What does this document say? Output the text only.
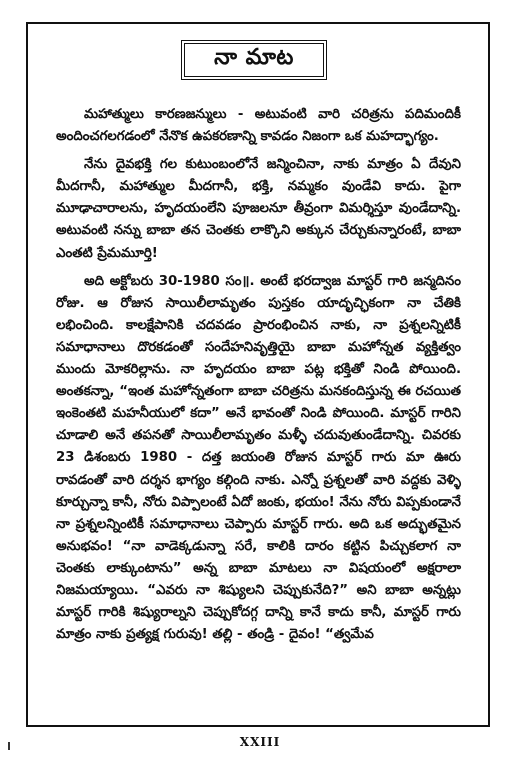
నా మాట

మహాత్ములు కారణజన్ములు - అటువంటి వారి చరిత్రను పదిమందికీ అందించగలగడంలో నేనొక ఉపకరణాన్ని కావడం నిజంగా ఒక మహద్భాగ్యం.

నేను దైవభక్తి గల కుటుంబంలోనే జన్మించినా, నాకు మాత్రం ఏ దేవుని మీదగానీ, మహాత్ముల మీదగానీ, భక్తి, నమ్మకం వుండేవి కాదు. పైగా మూఢాచారాలను, హృదయంలేని పూజలనూ తీవ్రంగా విమర్శిస్తూ వుండేదాన్ని. అటువంటి నన్ను బాబా తన చెంతకు లాక్కొని అక్కున చేర్చుకున్నారంటే, బాబా ఎంతటి ప్రేమమూర్తి!

అది అక్టోబరు 30-1980 సం॥. అంటే భరద్వాజ మాస్టర్ గారి జన్మదినం రోజు. ఆ రోజున సాయిలీలామృతం పుస్తకం యాదృచ్ఛికంగా నా చేతికి లభించింది. కాలక్షేపానికి చదవడం ప్రారంభించిన నాకు, నా ప్రశ్నలన్నిటికీ సమాధానాలు దొరకడంతో సందేహనివృత్తియై బాబా మహోన్నత వ్యక్తిత్వం ముందు మోకరిల్లాను. నా హృదయం బాబా పట్ల భక్తితో నిండి పోయింది. అంతకన్నా, “ఇంత మహోన్నతంగా బాబా చరిత్రను మనకందిస్తున్న ఈ రచయిత ఇంకెంతటి మహనీయులో కదా” అనే భావంతో నిండి పోయింది. మాస్టర్ గారిని చూడాలి అనే తపనతో సాయిలీలామృతం మళ్ళీ చదువుతుండేదాన్ని. చివరకు 23 డిశంబరు 1980 - దత్త జయంతి రోజున మాస్టర్ గారు మా ఊరు రావడంతో వారి దర్శన భాగ్యం కల్గింది నాకు. ఎన్నో ప్రశ్నలతో వారి వద్దకు వెళ్ళి కూర్చున్నా కానీ, నోరు విప్పాలంటే ఏదో జంకు, భయం! నేను నోరు విప్పకుండానే నా ప్రశ్నలన్నింటికీ సమాధానాలు చెప్పారు మాస్టర్ గారు. అది ఒక అద్భుతమైన అనుభవం! “నా వాడెక్కడున్నా సరే, కాలికి దారం కట్టిన పిచ్చుకలాగ నా చెంతకు లాక్కుంటాను” అన్న బాబా మాటలు నా విషయంలో అక్షరాలా నిజమయ్యాయి. “ఎవరు నా శిష్యులని చెప్పుకునేది?” అని బాబా అన్నట్లు మాస్టర్ గారికి శిష్యురాల్నని చెప్పుకోదగ్గ దాన్ని కానే కాదు కానీ, మాస్టర్ గారు మాత్రం నాకు ప్రత్యక్ష గురువు! తల్లి - తండ్రి - దైవం! “త్వమేవ

XXIII
